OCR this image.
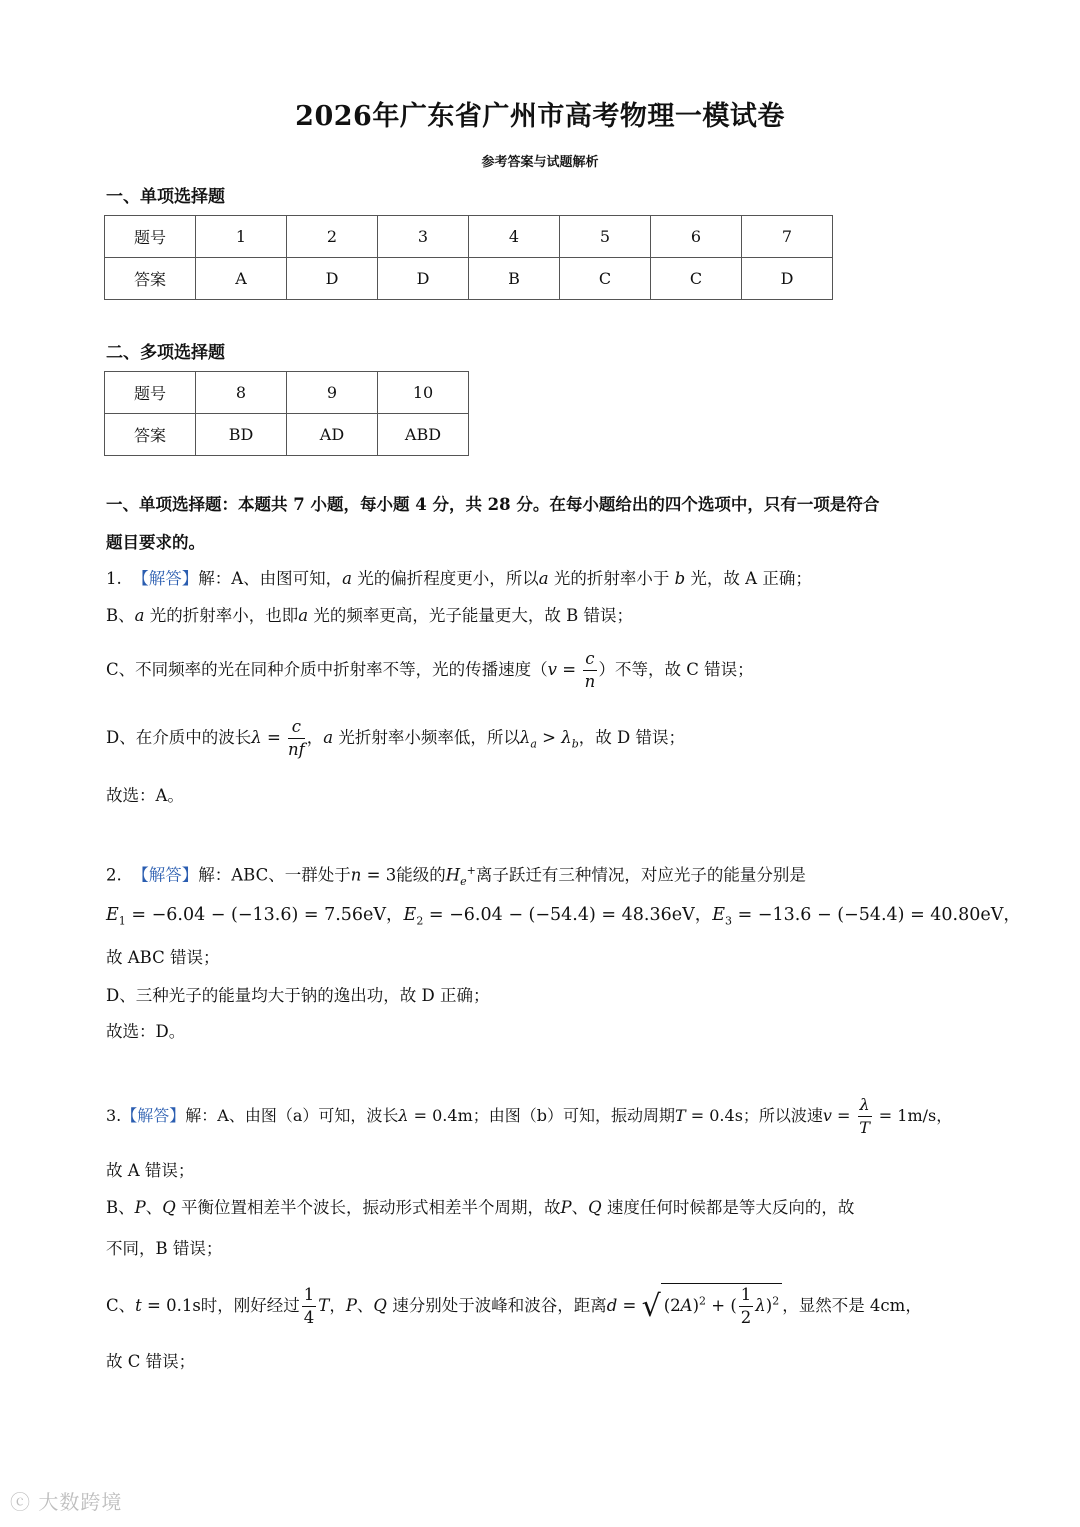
2026年广东省广州市高考物理一模试卷
参考答案与试题解析
一、单项选择题
题号	1	2	3	4	5	6	7
答案	A	D	D	B	C	C	D
二、多项选择题
题号	8	9	10
答案	BD	AD	ABD
一、单项选择题：本题共 7 小题，每小题 4 分，共 28 分。在每小题给出的四个选项中，只有一项是符合
题目要求的。
1. 【解答】解：A、由图可知，a 光的偏折程度更小，所以a 光的折射率小于 b 光，故 A 正确；
B、a 光的折射率小，也即a 光的频率更高，光子能量更大，故 B 错误；
C、不同频率的光在同种介质中折射率不等，光的传播速度（$v = \frac{c}{n}$ ）不等，故 C 错误；
D、在介质中的波长$\lambda = \frac{c}{nf}$ ，a 光折射率小频率低，所以$\lambda_a > \lambda_b$，故 D 错误；
故选：A。
2. 【解答】解：ABC、一群处于n = 3能级的$H_e^+$离子跃迁有三种情况，对应光子的能量分别是
$E_1 = -6.04 - (-13.6) = 7.56eV$，$E_2 = -6.04 - (-54.4) = 48.36eV$，$E_3 = -13.6 - (-54.4) = 40.80eV$，
故 ABC 错误；
D、三种光子的能量均大于钠的逸出功，故 D 正确；
故选：D。
3.【解答】解：A、由图（a）可知，波长λ = 0.4m；由图（b）可知，振动周期T = 0.4s；所以波速$v = \frac{\lambda}{T} = 1m/s$，
故 A 错误；
B、P、Q 平衡位置相差半个波长，振动形式相差半个周期，故P、Q 速度任何时候都是等大反向的，故
不同，B 错误；
C、t = 0.1s时，刚好经过 $\frac{1}{4}$ T，P、Q 速分别处于波峰和波谷，距离d = √ $(2A)^2$ + ( $\frac{1}{2} \lambda)^2$ ，显然不是 4cm，
故 C 错误；
ⓒ 大数跨境
